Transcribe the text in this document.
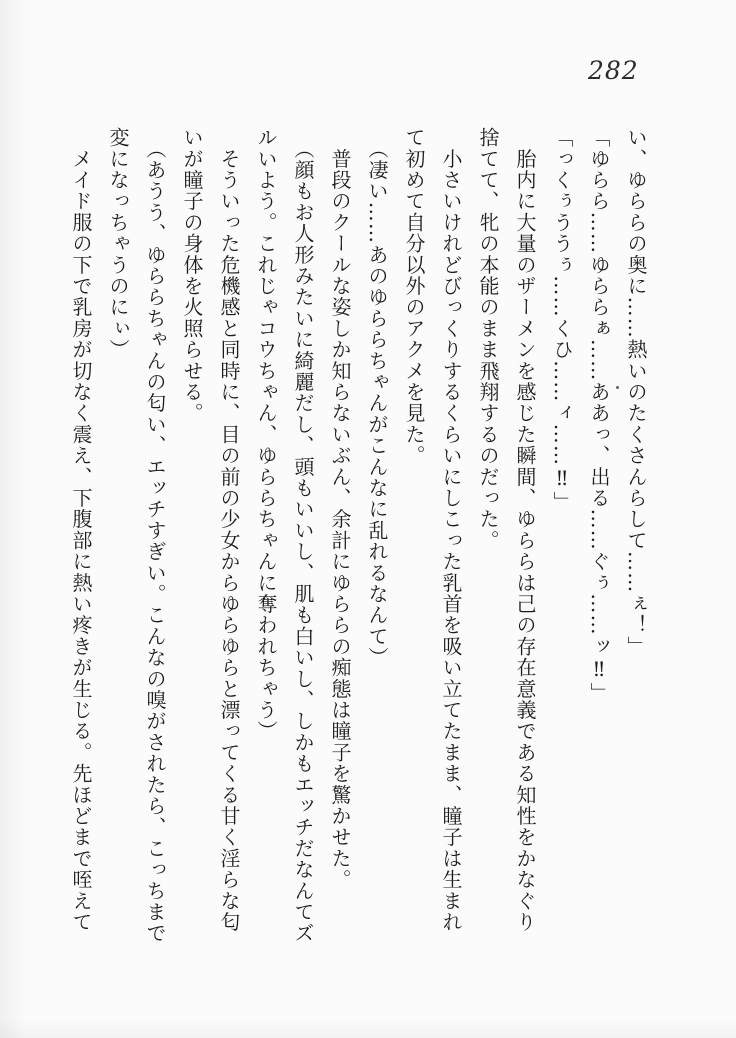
282

い、ゆららの奥に……熱いのたくさんらして……ぇ！」

「ゆらら……ゆららぁ……ああっ、出る……ぐぅ……ッ‼」

「っくぅううぅ……くひ……ィ……‼」

　胎内に大量のザーメンを感じた瞬間、ゆららは己の存在意義である知性をかなぐり

捨てて、牝の本能のまま飛翔するのだった。

　小さいけれどびっくりするくらいにしこった乳首を吸い立てたまま、瞳子は生まれ

て初めて自分以外のアクメを見た。

　（凄い……あのゆららちゃんがこんなに乱れるなんて）

　普段のクールな姿しか知らないぶん、余計にゆららの痴態は瞳子を驚かせた。

　（顔もお人形みたいに綺麗だし、頭もいいし、肌も白いし、しかもエッチだなんてズ

ルいよう。これじゃコウちゃん、ゆららちゃんに奪われちゃう）

　そういった危機感と同時に、目の前の少女からゆらゆらと漂ってくる甘く淫らな匂

いが瞳子の身体を火照らせる。

　（あうう、ゆららちゃんの匂い、エッチすぎい。こんなの嗅がされたら、こっちまで

変になっちゃうのにぃ）

　メイド服の下で乳房が切なく震え、下腹部に熱い疼きが生じる。先ほどまで咥えて
